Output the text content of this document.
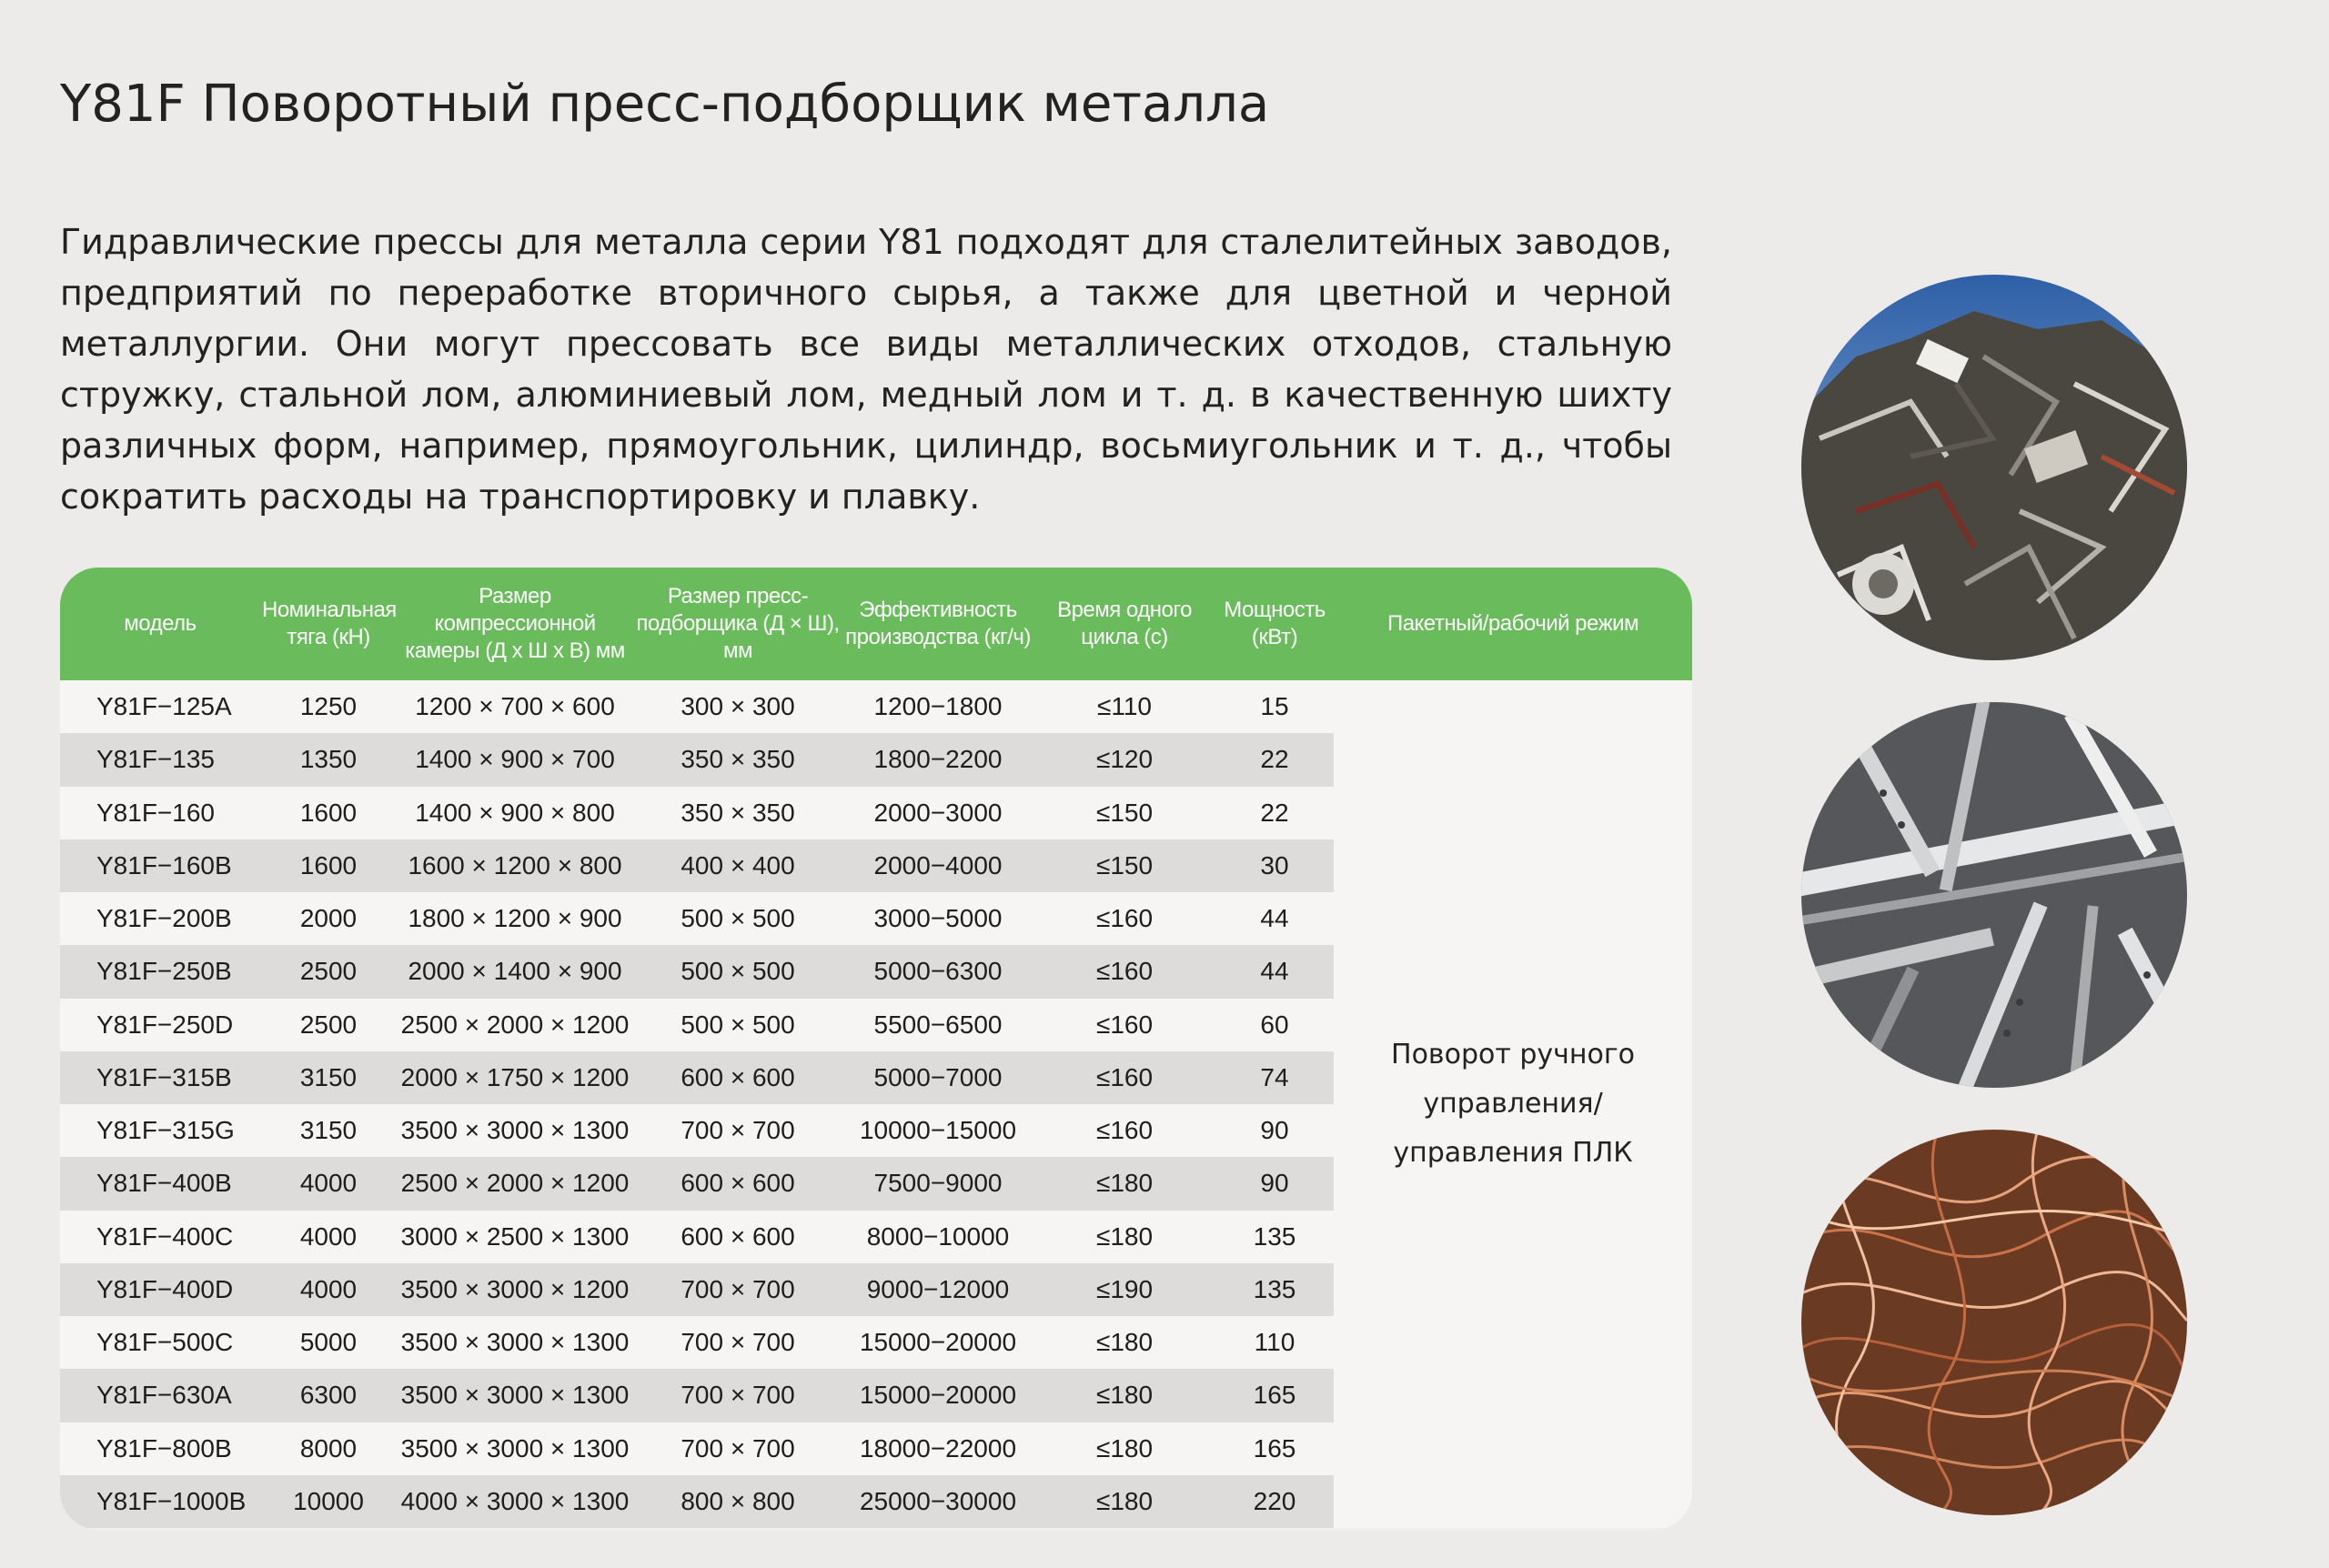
Y81F Поворотный пресс-подборщик металла

Гидравлические прессы для металла серии Y81 подходят для сталелитейных заводов, предприятий по переработке вторичного сырья, а также для цветной и черной металлургии. Они могут прессовать все виды металлических отходов, стальную стружку, стальной лом, алюминиевый лом, медный лом и т. д. в качественную шихту различных форм, например, прямоугольник, цилиндр, восьмиугольник и т. д., чтобы сократить расходы на транспортировку и плавку.

модель	Номинальная тяга (кН)	Размер компрессионной камеры (Д х Ш х В) мм	Размер пресс-подборщика (Д × Ш), мм	Эффективность производства (кг/ч)	Время одного цикла (с)	Мощность (кВт)	Пакетный/рабочий режим
Y81F−125A	1250	1200 × 700 × 600	300 × 300	1200−1800	≤110	15	Поворот ручного управления/ управления ПЛК
Y81F−135	1350	1400 × 900 × 700	350 × 350	1800−2200	≤120	22	
Y81F−160	1600	1400 × 900 × 800	350 × 350	2000−3000	≤150	22	
Y81F−160B	1600	1600 × 1200 × 800	400 × 400	2000−4000	≤150	30	
Y81F−200B	2000	1800 × 1200 × 900	500 × 500	3000−5000	≤160	44	
Y81F−250B	2500	2000 × 1400 × 900	500 × 500	5000−6300	≤160	44	
Y81F−250D	2500	2500 × 2000 × 1200	500 × 500	5500−6500	≤160	60	
Y81F−315B	3150	2000 × 1750 × 1200	600 × 600	5000−7000	≤160	74	
Y81F−315G	3150	3500 × 3000 × 1300	700 × 700	10000−15000	≤160	90	
Y81F−400B	4000	2500 × 2000 × 1200	600 × 600	7500−9000	≤180	90	
Y81F−400C	4000	3000 × 2500 × 1300	600 × 600	8000−10000	≤180	135	
Y81F−400D	4000	3500 × 3000 × 1200	700 × 700	9000−12000	≤190	135	
Y81F−500C	5000	3500 × 3000 × 1300	700 × 700	15000−20000	≤180	110	
Y81F−630A	6300	3500 × 3000 × 1300	700 × 700	15000−20000	≤180	165	
Y81F−800B	8000	3500 × 3000 × 1300	700 × 700	18000−22000	≤180	165	
Y81F−1000B	10000	4000 × 3000 × 1300	800 × 800	25000−30000	≤180	220	
